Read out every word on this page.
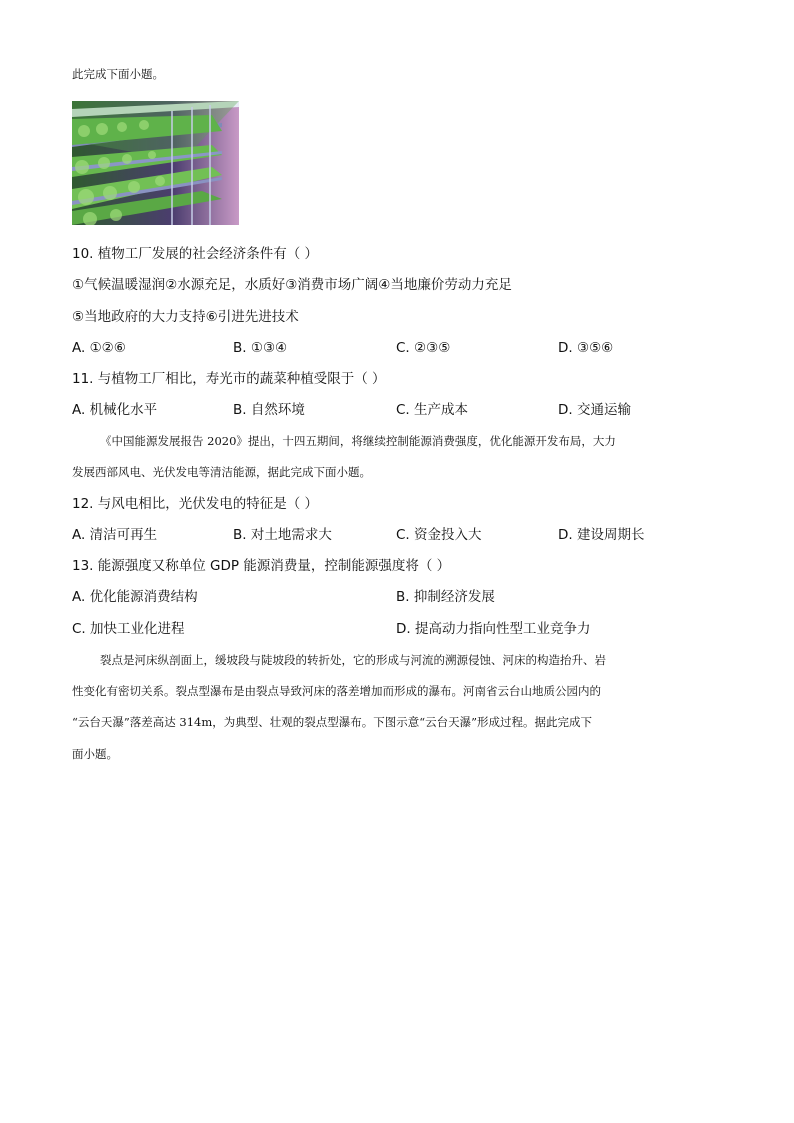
此完成下面小题。
10. 植物工厂发展的社会经济条件有（ ）
①气候温暖湿润②水源充足，水质好③消费市场广阔④当地廉价劳动力充足
⑤当地政府的大力支持⑥引进先进技术
A. ①②⑥	B. ①③④	C. ②③⑤	D. ③⑤⑥
11. 与植物工厂相比，寿光市的蔬菜种植受限于（ ）
A. 机械化水平	B. 自然环境	C. 生产成本	D. 交通运输
《中国能源发展报告 2020》提出，十四五期间，将继续控制能源消费强度，优化能源开发布局，大力
发展西部风电、光伏发电等清洁能源，据此完成下面小题。
12. 与风电相比，光伏发电的特征是（ ）
A. 清洁可再生	B. 对土地需求大	C. 资金投入大	D. 建设周期长
13. 能源强度又称单位 GDP 能源消费量，控制能源强度将（ ）
A. 优化能源消费结构	B. 抑制经济发展
C. 加快工业化进程	D. 提高动力指向性型工业竞争力
裂点是河床纵剖面上，缓坡段与陡坡段的转折处，它的形成与河流的溯源侵蚀、河床的构造抬升、岩
性变化有密切关系。裂点型瀑布是由裂点导致河床的落差增加而形成的瀑布。河南省云台山地质公园内的
“云台天瀑”落差高达 314m，为典型、壮观的裂点型瀑布。下图示意“云台天瀑”形成过程。据此完成下
面小题。
